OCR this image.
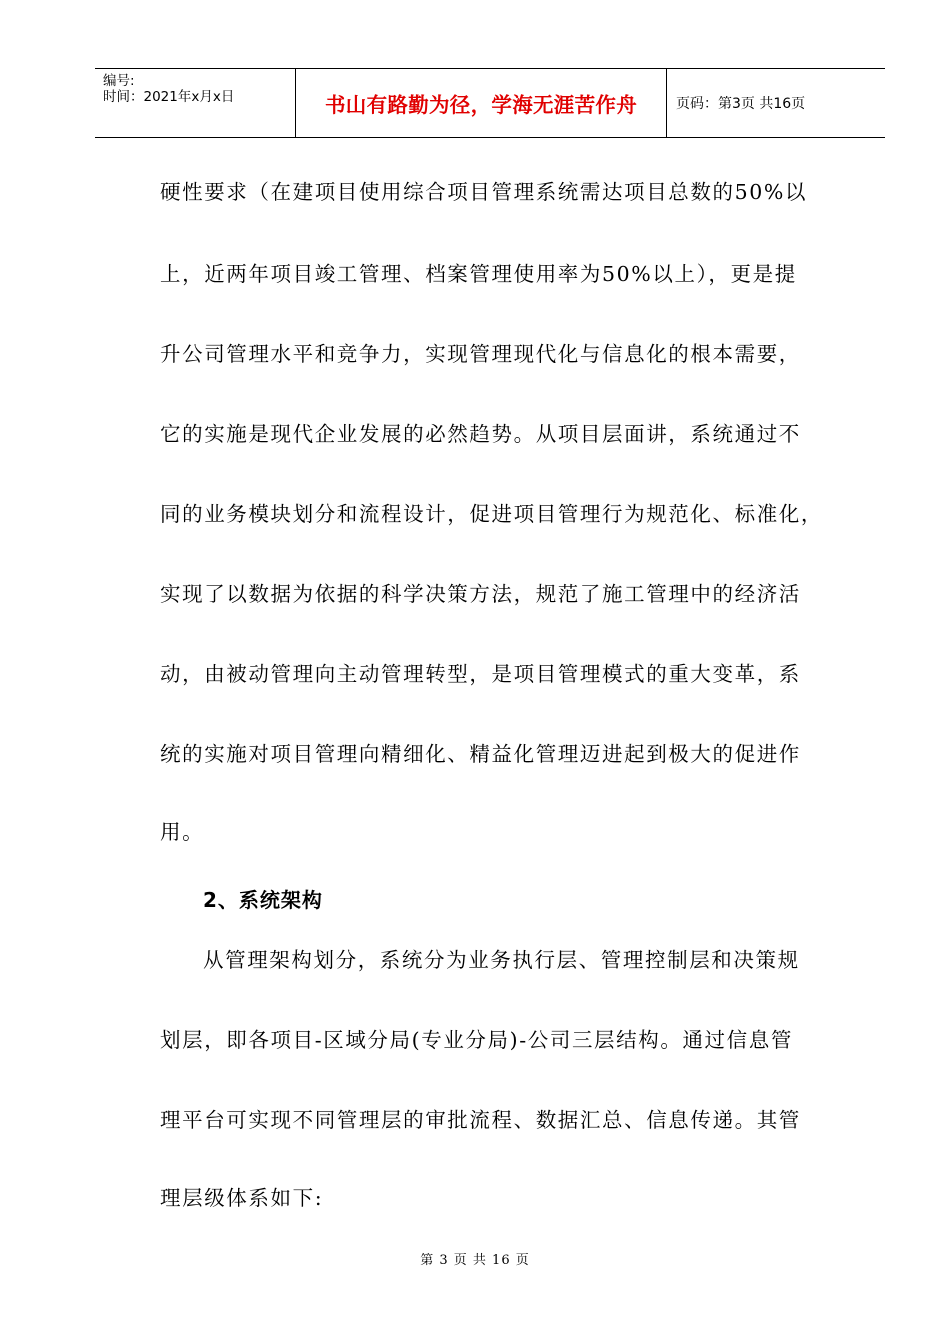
编号:
时间：2021年x月x日	书山有路勤为径，学海无涯苦作舟	页码：第3页 共16页
硬性要求（在建项目使用综合项目管理系统需达项目总数的50%以
上，近两年项目竣工管理、档案管理使用率为50%以上），更是提
升公司管理水平和竞争力，实现管理现代化与信息化的根本需要，
它的实施是现代企业发展的必然趋势。从项目层面讲，系统通过不
同的业务模块划分和流程设计，促进项目管理行为规范化、标准化，
实现了以数据为依据的科学决策方法，规范了施工管理中的经济活
动，由被动管理向主动管理转型，是项目管理模式的重大变革，系
统的实施对项目管理向精细化、精益化管理迈进起到极大的促进作
用。
2、系统架构
从管理架构划分，系统分为业务执行层、管理控制层和决策规
划层，即各项目-区域分局(专业分局)-公司三层结构。通过信息管
理平台可实现不同管理层的审批流程、数据汇总、信息传递。其管
理层级体系如下:
第 3 页 共 16 页
